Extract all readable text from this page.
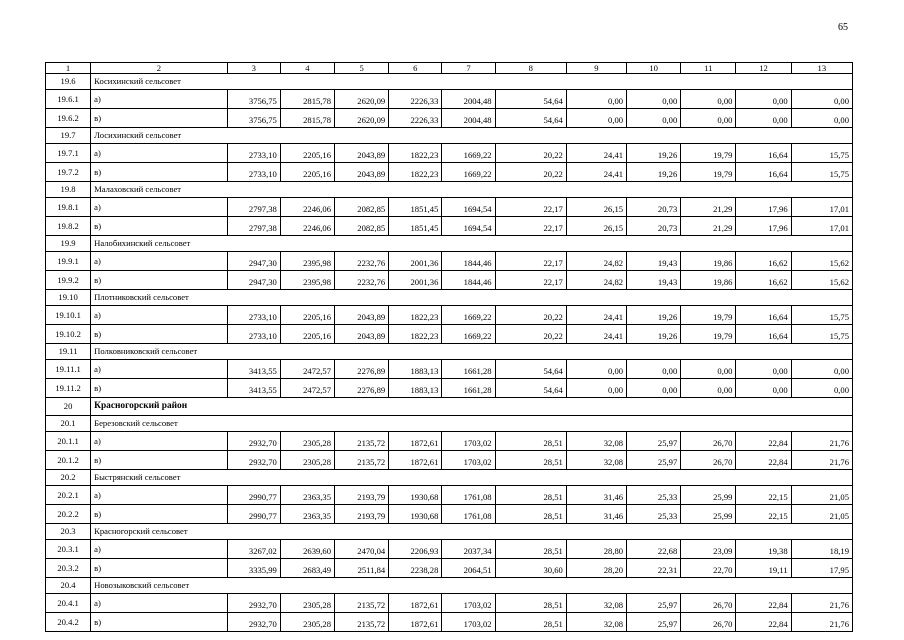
65
1	2	3	4	5	6	7	8	9	10	11	12	13
19.6	Косихинский сельсовет											
19.6.1	а)	3756,75	2815,78	2620,09	2226,33	2004,48	54,64	0,00	0,00	0,00	0,00	0,00
19.6.2	в)	3756,75	2815,78	2620,09	2226,33	2004,48	54,64	0,00	0,00	0,00	0,00	0,00
19.7	Лосихинский сельсовет											
19.7.1	а)	2733,10	2205,16	2043,89	1822,23	1669,22	20,22	24,41	19,26	19,79	16,64	15,75
19.7.2	в)	2733,10	2205,16	2043,89	1822,23	1669,22	20,22	24,41	19,26	19,79	16,64	15,75
19.8	Малаховский сельсовет											
19.8.1	а)	2797,38	2246,06	2082,85	1851,45	1694,54	22,17	26,15	20,73	21,29	17,96	17,01
19.8.2	в)	2797,38	2246,06	2082,85	1851,45	1694,54	22,17	26,15	20,73	21,29	17,96	17,01
19.9	Налобихинский сельсовет											
19.9.1	а)	2947,30	2395,98	2232,76	2001,36	1844,46	22,17	24,82	19,43	19,86	16,62	15,62
19.9.2	в)	2947,30	2395,98	2232,76	2001,36	1844,46	22,17	24,82	19,43	19,86	16,62	15,62
19.10	Плотниковский сельсовет											
19.10.1	а)	2733,10	2205,16	2043,89	1822,23	1669,22	20,22	24,41	19,26	19,79	16,64	15,75
19.10.2	в)	2733,10	2205,16	2043,89	1822,23	1669,22	20,22	24,41	19,26	19,79	16,64	15,75
19.11	Полковниковский сельсовет											
19.11.1	а)	3413,55	2472,57	2276,89	1883,13	1661,28	54,64	0,00	0,00	0,00	0,00	0,00
19.11.2	в)	3413,55	2472,57	2276,89	1883,13	1661,28	54,64	0,00	0,00	0,00	0,00	0,00
20	Красногорский район											
20.1	Березовский сельсовет											
20.1.1	а)	2932,70	2305,28	2135,72	1872,61	1703,02	28,51	32,08	25,97	26,70	22,84	21,76
20.1.2	в)	2932,70	2305,28	2135,72	1872,61	1703,02	28,51	32,08	25,97	26,70	22,84	21,76
20.2	Быстрянский сельсовет											
20.2.1	а)	2990,77	2363,35	2193,79	1930,68	1761,08	28,51	31,46	25,33	25,99	22,15	21,05
20.2.2	в)	2990,77	2363,35	2193,79	1930,68	1761,08	28,51	31,46	25,33	25,99	22,15	21,05
20.3	Красногорский сельсовет											
20.3.1	а)	3267,02	2639,60	2470,04	2206,93	2037,34	28,51	28,80	22,68	23,09	19,38	18,19
20.3.2	в)	3335,99	2683,49	2511,84	2238,28	2064,51	30,60	28,20	22,31	22,70	19,11	17,95
20.4	Новозыковский сельсовет											
20.4.1	а)	2932,70	2305,28	2135,72	1872,61	1703,02	28,51	32,08	25,97	26,70	22,84	21,76
20.4.2	в)	2932,70	2305,28	2135,72	1872,61	1703,02	28,51	32,08	25,97	26,70	22,84	21,76
